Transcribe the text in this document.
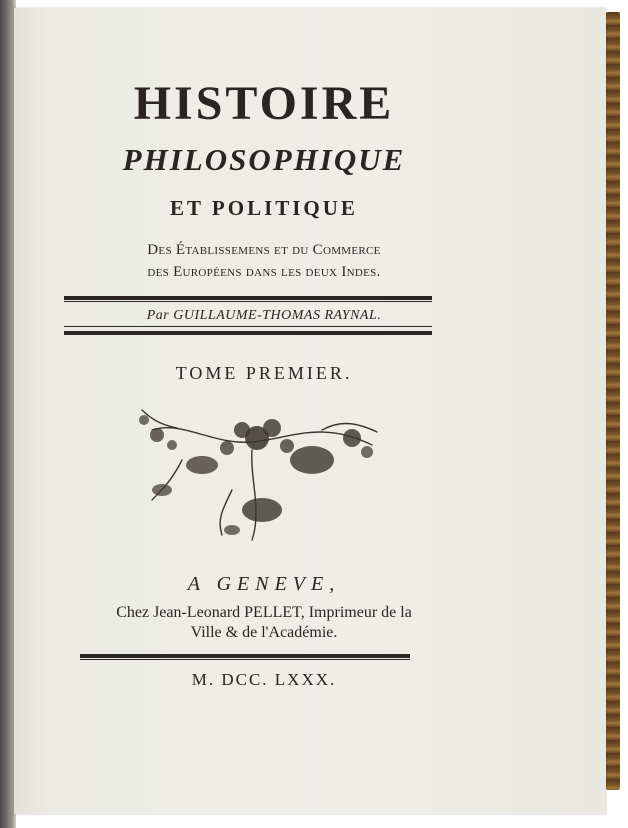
HISTOIRE

PHILOSOPHIQUE

ET POLITIQUE

Des Établissemens et du Commerce

des Européens dans les deux Indes.

Par GUILLAUME-THOMAS RAYNAL.

TOME PREMIER.

A GENEVE,

Chez Jean-Leonard PELLET, Imprimeur de la

Ville & de l'Académie.

M. DCC. LXXX.
